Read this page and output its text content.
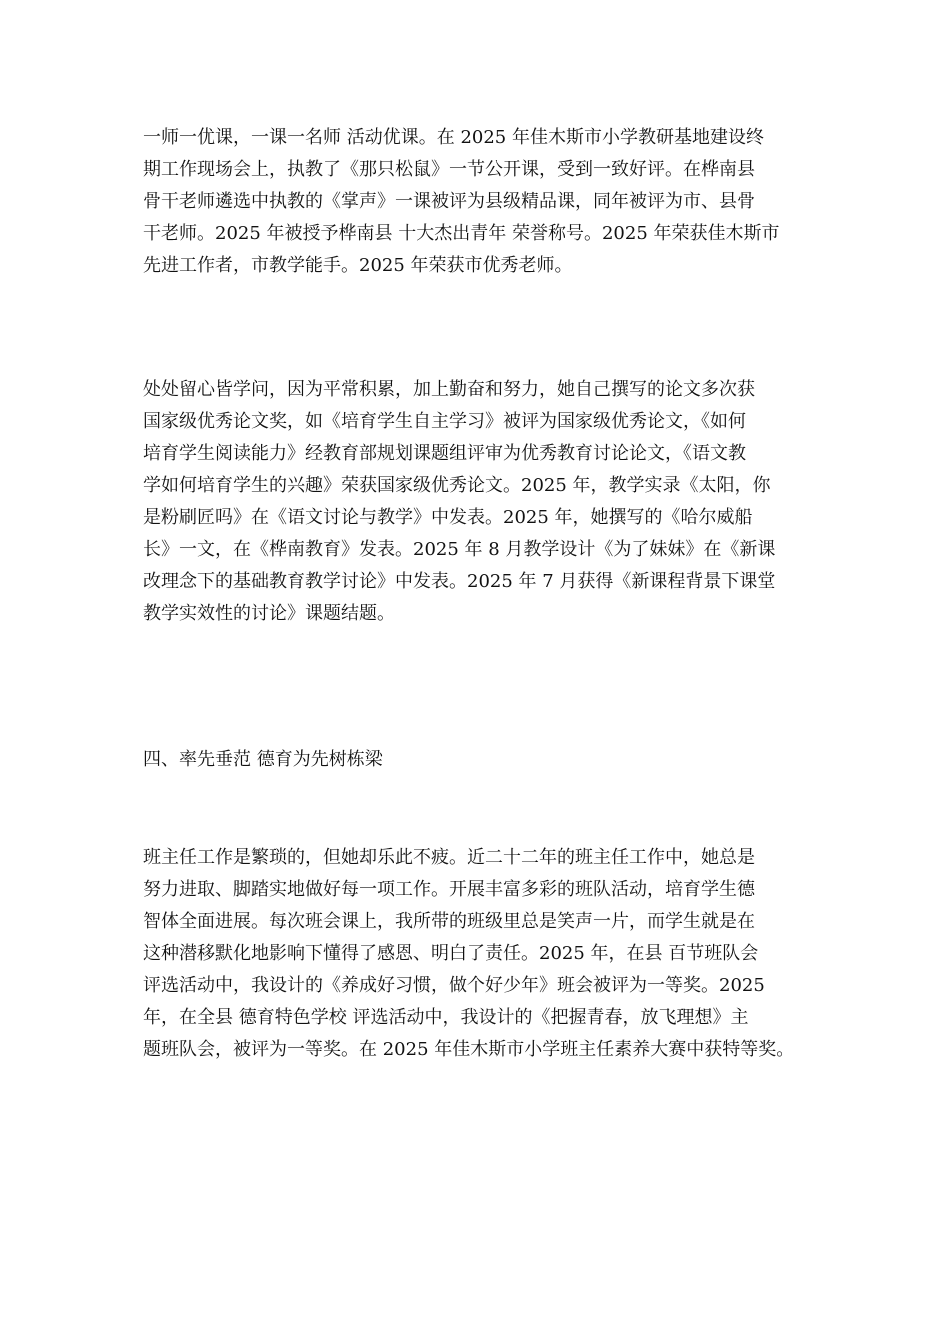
一师一优课，一课一名师 活动优课。在 2025 年佳木斯市小学教研基地建设终
期工作现场会上，执教了《那只松鼠》一节公开课，受到一致好评。在桦南县
骨干老师遴选中执教的《掌声》一课被评为县级精品课，同年被评为市、县骨
干老师。2025 年被授予桦南县 十大杰出青年 荣誉称号。2025 年荣获佳木斯市
先进工作者，市教学能手。2025 年荣获市优秀老师。
处处留心皆学问，因为平常积累，加上勤奋和努力，她自己撰写的论文多次获
国家级优秀论文奖，如《培育学生自主学习》被评为国家级优秀论文，《如何
培育学生阅读能力》经教育部规划课题组评审为优秀教育讨论论文，《语文教
学如何培育学生的兴趣》荣获国家级优秀论文。2025 年，教学实录《太阳，你
是粉刷匠吗》在《语文讨论与教学》中发表。2025 年，她撰写的《哈尔威船
长》一文，在《桦南教育》发表。2025 年 8 月教学设计《为了妹妹》在《新课
改理念下的基础教育教学讨论》中发表。2025 年 7 月获得《新课程背景下课堂
教学实效性的讨论》课题结题。
四、率先垂范 德育为先树栋梁
班主任工作是繁琐的，但她却乐此不疲。近二十二年的班主任工作中，她总是
努力进取、脚踏实地做好每一项工作。开展丰富多彩的班队活动，培育学生德
智体全面进展。每次班会课上，我所带的班级里总是笑声一片，而学生就是在
这种潜移默化地影响下懂得了感恩、明白了责任。2025 年，在县 百节班队会
评选活动中，我设计的《养成好习惯，做个好少年》班会被评为一等奖。2025
年，在全县 德育特色学校 评选活动中，我设计的《把握青春，放飞理想》主
题班队会，被评为一等奖。在 2025 年佳木斯市小学班主任素养大赛中获特等奖。
